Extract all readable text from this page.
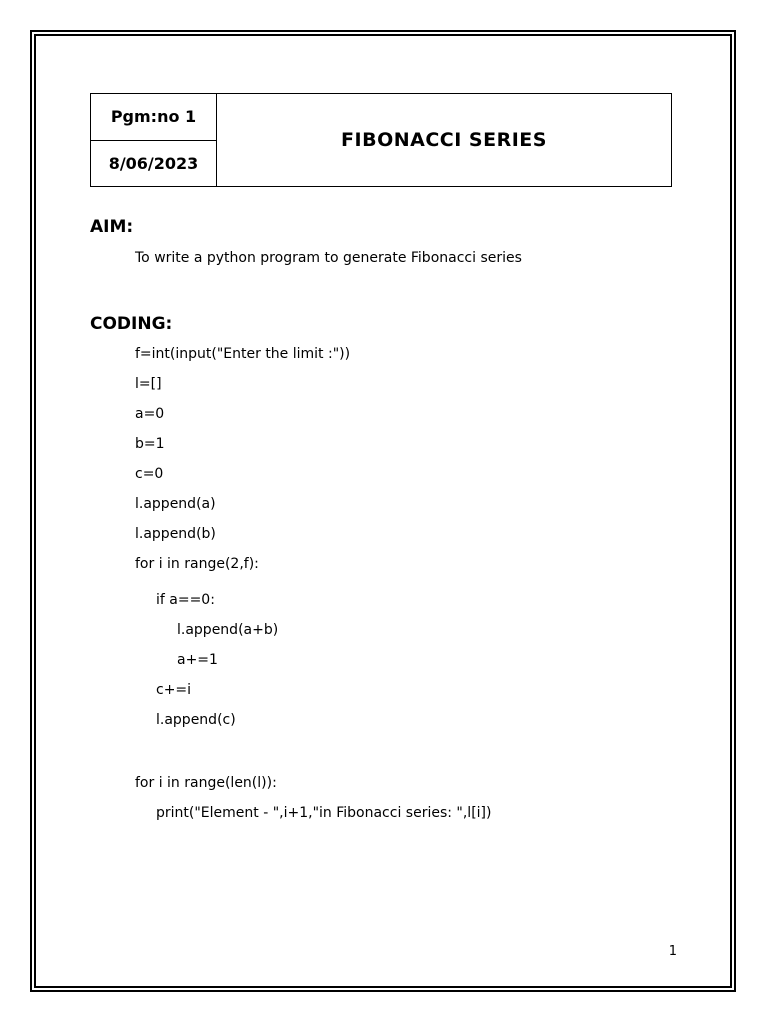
Pgm:no 1
8/06/2023
FIBONACCI SERIES
AIM:
To write a python program to generate Fibonacci series
CODING:
f=int(input("Enter the limit :"))
l=[]
a=0
b=1
c=0
l.append(a)
l.append(b)
for i in range(2,f):
if a==0:
l.append(a+b)
a+=1
c+=i
l.append(c)
for i in range(len(l)):
print("Element - ",i+1,"in Fibonacci series: ",l[i])
1
